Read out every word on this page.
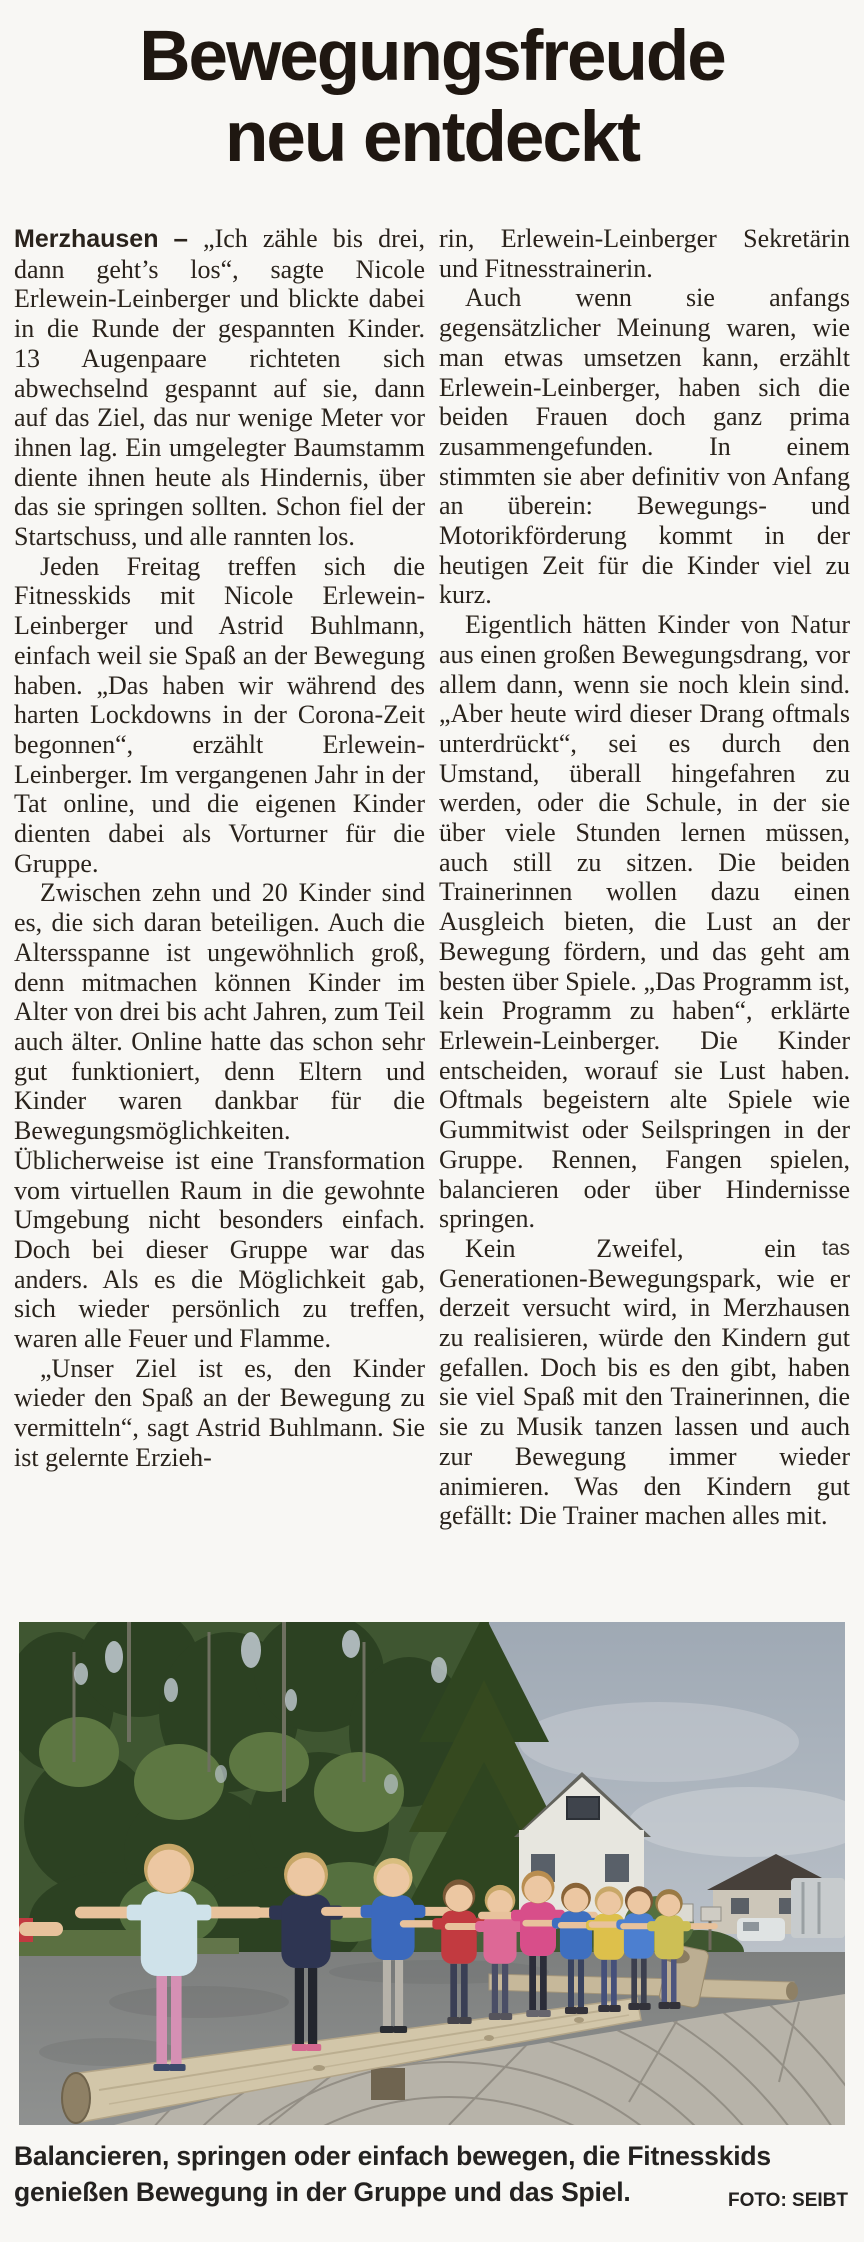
Bewegungsfreude
neu entdeckt

Merzhausen – „Ich zähle bis drei, dann geht’s los“, sagte Nicole Erlewein-Leinberger und blickte dabei in die Runde der gespannten Kinder. 13 Augenpaare richteten sich abwechselnd gespannt auf sie, dann auf das Ziel, das nur wenige Meter vor ihnen lag. Ein umgelegter Baumstamm diente ihnen heute als Hindernis, über das sie springen sollten. Schon fiel der Startschuss, und alle rannten los.

Jeden Freitag treffen sich die Fitnesskids mit Nicole Erlewein-Leinberger und Astrid Buhlmann, einfach weil sie Spaß an der Bewegung haben. „Das haben wir während des harten Lockdowns in der Corona-Zeit begonnen“, erzählt Erlewein-Leinberger. Im vergangenen Jahr in der Tat online, und die eigenen Kinder dienten dabei als Vorturner für die Gruppe.

Zwischen zehn und 20 Kinder sind es, die sich daran beteiligen. Auch die Altersspanne ist ungewöhnlich groß, denn mitmachen können Kinder im Alter von drei bis acht Jahren, zum Teil auch älter. Online hatte das schon sehr gut funktioniert, denn Eltern und Kinder waren dankbar für die Bewegungsmöglichkeiten. Üblicherweise ist eine Transformation vom virtuellen Raum in die gewohnte Umgebung nicht besonders einfach. Doch bei dieser Gruppe war das anders. Als es die Möglichkeit gab, sich wieder persönlich zu treffen, waren alle Feuer und Flamme.

„Unser Ziel ist es, den Kinder wieder den Spaß an der Bewegung zu vermitteln“, sagt Astrid Buhlmann. Sie ist gelernte Erzieh-

rin, Erlewein-Leinberger Sekretärin und Fitnesstrainerin.

Auch wenn sie anfangs gegensätzlicher Meinung waren, wie man etwas umsetzen kann, erzählt Erlewein-Leinberger, haben sich die beiden Frauen doch ganz prima zusammengefunden. In einem stimmten sie aber definitiv von Anfang an überein: Bewegungs- und Motorikförderung kommt in der heutigen Zeit für die Kinder viel zu kurz.

Eigentlich hätten Kinder von Natur aus einen großen Bewegungsdrang, vor allem dann, wenn sie noch klein sind. „Aber heute wird dieser Drang oftmals unterdrückt“, sei es durch den Umstand, überall hingefahren zu werden, oder die Schule, in der sie über viele Stunden lernen müssen, auch still zu sitzen. Die beiden Trainerinnen wollen dazu einen Ausgleich bieten, die Lust an der Bewegung fördern, und das geht am besten über Spiele. „Das Programm ist, kein Programm zu haben“, erklärte Erlewein-Leinberger. Die Kinder entscheiden, worauf sie Lust haben. Oftmals begeistern alte Spiele wie Gummitwist oder Seilspringen in der Gruppe. Rennen, Fangen spielen, balancieren oder über Hindernisse springen.

tas
Kein Zweifel, ein Generationen-Bewegungspark, wie er derzeit versucht wird, in Merzhausen zu realisieren, würde den Kindern gut gefallen. Doch bis es den gibt, haben sie viel Spaß mit den Trainerinnen, die sie zu Musik tanzen lassen und auch zur Bewegung immer wieder animieren. Was den Kindern gut gefällt: Die Trainer machen alles mit.

Balancieren, springen oder einfach bewegen, die Fitnesskids genießen Bewegung in der Gruppe und das Spiel.	FOTO: SEIBT
